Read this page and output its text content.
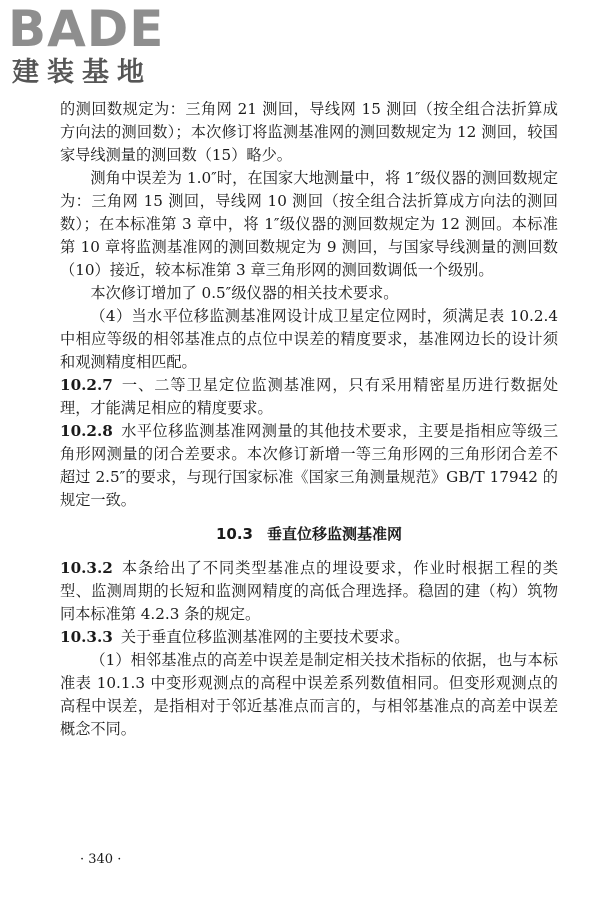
BADE
建装基地

的测回数规定为：三角网 21 测回，导线网 15 测回（按全组合法折算成方向法的测回数）；本次修订将监测基准网的测回数规定为 12 测回，较国家导线测量的测回数（15）略少。

测角中误差为 1.0″时，在国家大地测量中，将 1″级仪器的测回数规定为：三角网 15 测回，导线网 10 测回（按全组合法折算成方向法的测回数）；在本标准第 3 章中，将 1″级仪器的测回数规定为 12 测回。本标准第 10 章将监测基准网的测回数规定为 9 测回，与国家导线测量的测回数（10）接近，较本标准第 3 章三角形网的测回数调低一个级别。

本次修订增加了 0.5″级仪器的相关技术要求。

（4）当水平位移监测基准网设计成卫星定位网时，须满足表 10.2.4 中相应等级的相邻基准点的点位中误差的精度要求，基准网边长的设计须和观测精度相匹配。

10.2.7 一、二等卫星定位监测基准网，只有采用精密星历进行数据处理，才能满足相应的精度要求。

10.2.8 水平位移监测基准网测量的其他技术要求，主要是指相应等级三角形网测量的闭合差要求。本次修订新增一等三角形网的三角形闭合差不超过 2.5″的要求，与现行国家标准《国家三角测量规范》GB/T 17942 的规定一致。

10.3 垂直位移监测基准网

10.3.2 本条给出了不同类型基准点的埋设要求，作业时根据工程的类型、监测周期的长短和监测网精度的高低合理选择。稳固的建（构）筑物同本标准第 4.2.3 条的规定。

10.3.3 关于垂直位移监测基准网的主要技术要求。

（1）相邻基准点的高差中误差是制定相关技术指标的依据，也与本标准表 10.1.3 中变形观测点的高程中误差系列数值相同。但变形观测点的高程中误差，是指相对于邻近基准点而言的，与相邻基准点的高差中误差概念不同。

· 340 ·
